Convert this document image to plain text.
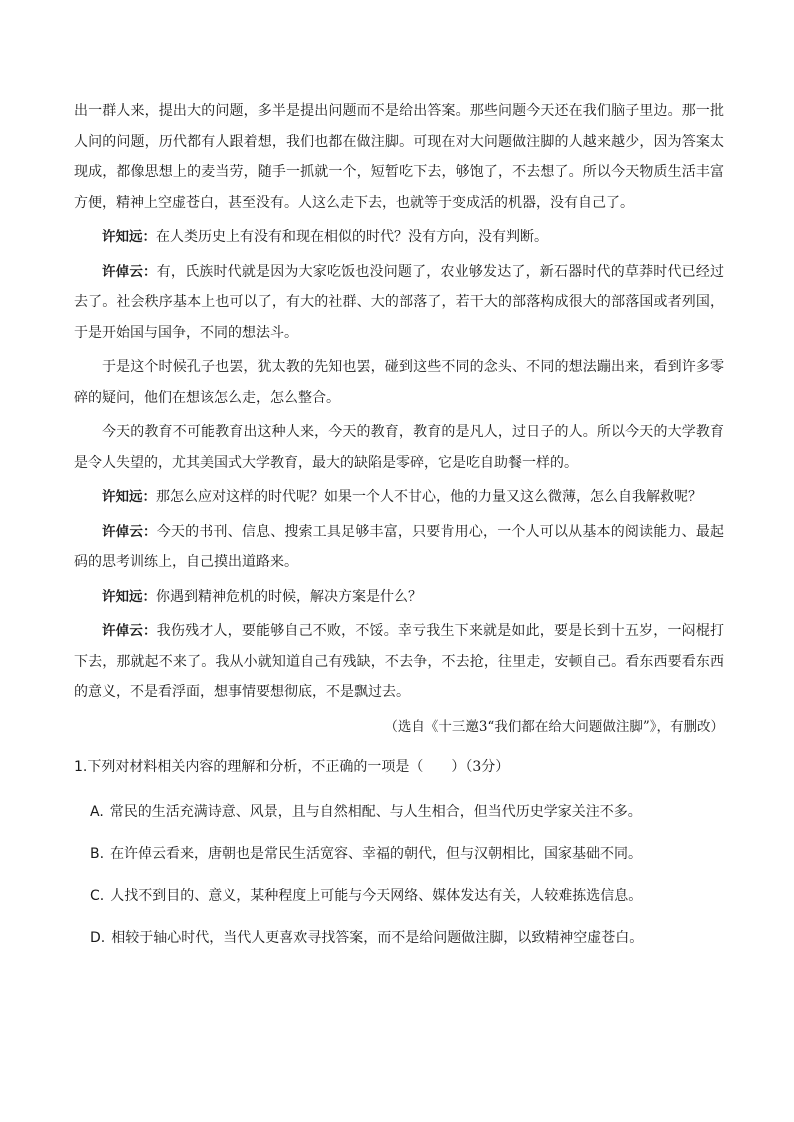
出一群人来，提出大的问题，多半是提出问题而不是给出答案。那些问题今天还在我们脑子里边。那一批人问的问题，历代都有人跟着想，我们也都在做注脚。可现在对大问题做注脚的人越来越少，因为答案太现成，都像思想上的麦当劳，随手一抓就一个，短暂吃下去，够饱了，不去想了。所以今天物质生活丰富方便，精神上空虚苍白，甚至没有。人这么走下去，也就等于变成活的机器，没有自己了。

许知远：在人类历史上有没有和现在相似的时代？没有方向，没有判断。

许倬云：有，氏族时代就是因为大家吃饭也没问题了，农业够发达了，新石器时代的草莽时代已经过去了。社会秩序基本上也可以了，有大的社群、大的部落了，若干大的部落构成很大的部落国或者列国，于是开始国与国争，不同的想法斗。

于是这个时候孔子也罢，犹太教的先知也罢，碰到这些不同的念头、不同的想法蹦出来，看到许多零碎的疑问，他们在想该怎么走，怎么整合。

今天的教育不可能教育出这种人来，今天的教育，教育的是凡人，过日子的人。所以今天的大学教育是令人失望的，尤其美国式大学教育，最大的缺陷是零碎，它是吃自助餐一样的。

许知远：那怎么应对这样的时代呢？如果一个人不甘心，他的力量又这么微薄，怎么自我解救呢？

许倬云：今天的书刊、信息、搜索工具足够丰富，只要肯用心，一个人可以从基本的阅读能力、最起码的思考训练上，自己摸出道路来。

许知远：你遇到精神危机的时候，解决方案是什么？

许倬云：我伤残才人，要能够自己不败，不馁。幸亏我生下来就是如此，要是长到十五岁，一闷棍打下去，那就起不来了。我从小就知道自己有残缺，不去争，不去抢，往里走，安顿自己。看东西要看东西的意义，不是看浮面，想事情要想彻底，不是飘过去。

（选自《十三邀3“我们都在给大问题做注脚”》，有删改）

1.下列对材料相关内容的理解和分析，不正确的一项是（　　）（3分）

A. 常民的生活充满诗意、风景，且与自然相配、与人生相合，但当代历史学家关注不多。

B. 在许倬云看来，唐朝也是常民生活宽容、幸福的朝代，但与汉朝相比，国家基础不同。

C. 人找不到目的、意义，某种程度上可能与今天网络、媒体发达有关，人较难拣选信息。

D. 相较于轴心时代，当代人更喜欢寻找答案，而不是给问题做注脚，以致精神空虚苍白。
